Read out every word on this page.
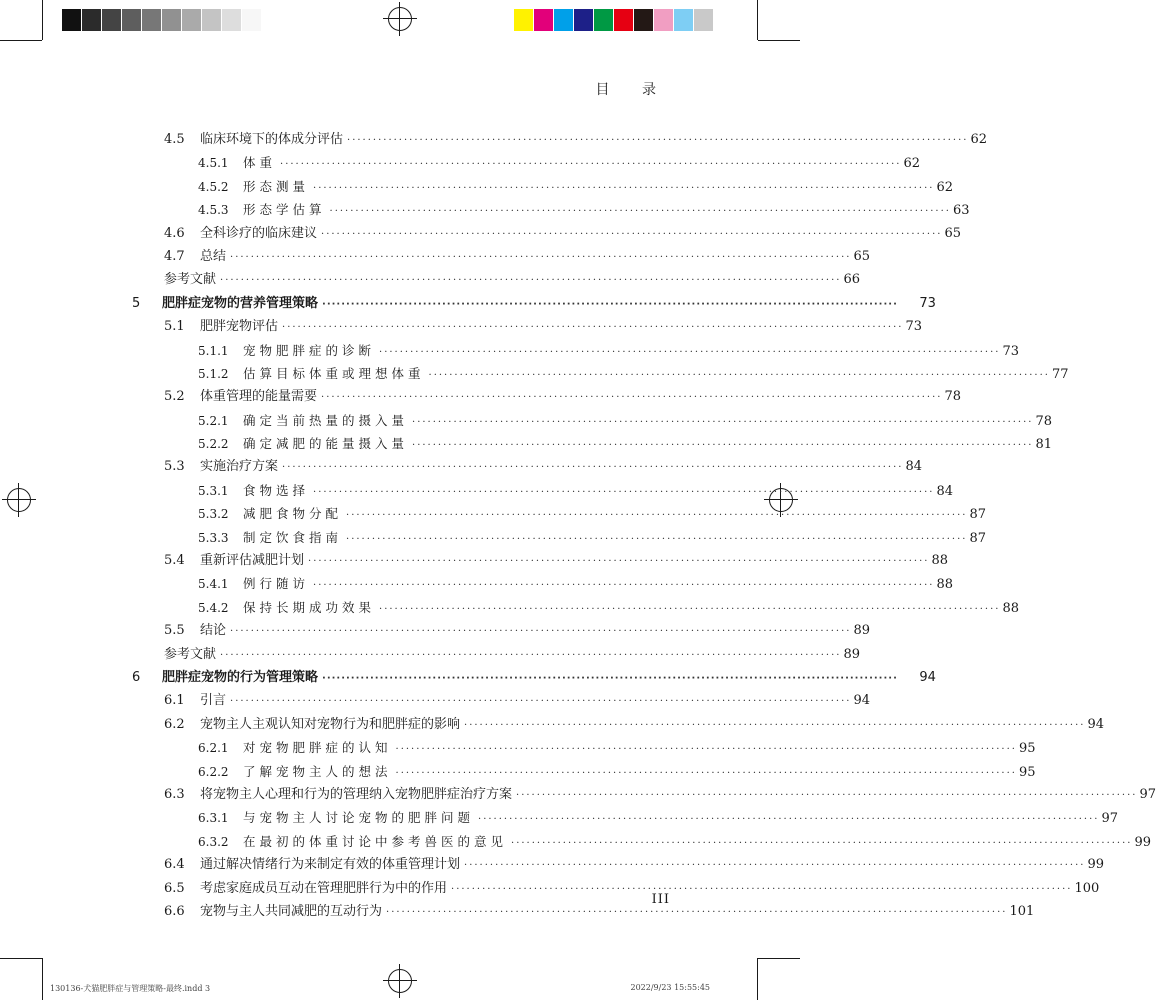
目 录
4.5	临床环境下的体成分评估 ························································································································ 62
4.5.1	体重 ························································································································ 62
4.5.2	形态测量 ························································································································ 62
4.5.3	形态学估算 ························································································································ 63
4.6	全科诊疗的临床建议 ························································································································ 65
4.7	总结 ························································································································ 65
参考文献 ························································································································ 66
5	肥胖症宠物的营养管理策略 ························································································································	73
5.1	肥胖宠物评估 ························································································································ 73
5.1.1	宠物肥胖症的诊断 ························································································································ 73
5.1.2	估算目标体重或理想体重 ························································································································ 77
5.2	体重管理的能量需要 ························································································································ 78
5.2.1	确定当前热量的摄入量 ························································································································ 78
5.2.2	确定减肥的能量摄入量 ························································································································ 81
5.3	实施治疗方案 ························································································································ 84
5.3.1	食物选择 ························································································································ 84
5.3.2	减肥食物分配 ························································································································ 87
5.3.3	制定饮食指南 ························································································································ 87
5.4	重新评估减肥计划 ························································································································ 88
5.4.1	例行随访 ························································································································ 88
5.4.2	保持长期成功效果 ························································································································ 88
5.5	结论 ························································································································ 89
参考文献 ························································································································ 89
6	肥胖症宠物的行为管理策略 ························································································································	94
6.1	引言 ························································································································ 94
6.2	宠物主人主观认知对宠物行为和肥胖症的影响 ························································································································ 94
6.2.1	对宠物肥胖症的认知 ························································································································ 95
6.2.2	了解宠物主人的想法 ························································································································ 95
6.3	将宠物主人心理和行为的管理纳入宠物肥胖症治疗方案 ························································································································ 97
6.3.1	与宠物主人讨论宠物的肥胖问题 ························································································································ 97
6.3.2	在最初的体重讨论中参考兽医的意见 ························································································································ 99
6.4	通过解决情绪行为来制定有效的体重管理计划 ························································································································ 99
6.5	考虑家庭成员互动在管理肥胖行为中的作用 ························································································································ 100
6.6	宠物与主人共同减肥的互动行为 ························································································································ 101
III
130136-犬猫肥胖症与管理策略-最终.indd 3	2022/9/23 15:55:45
